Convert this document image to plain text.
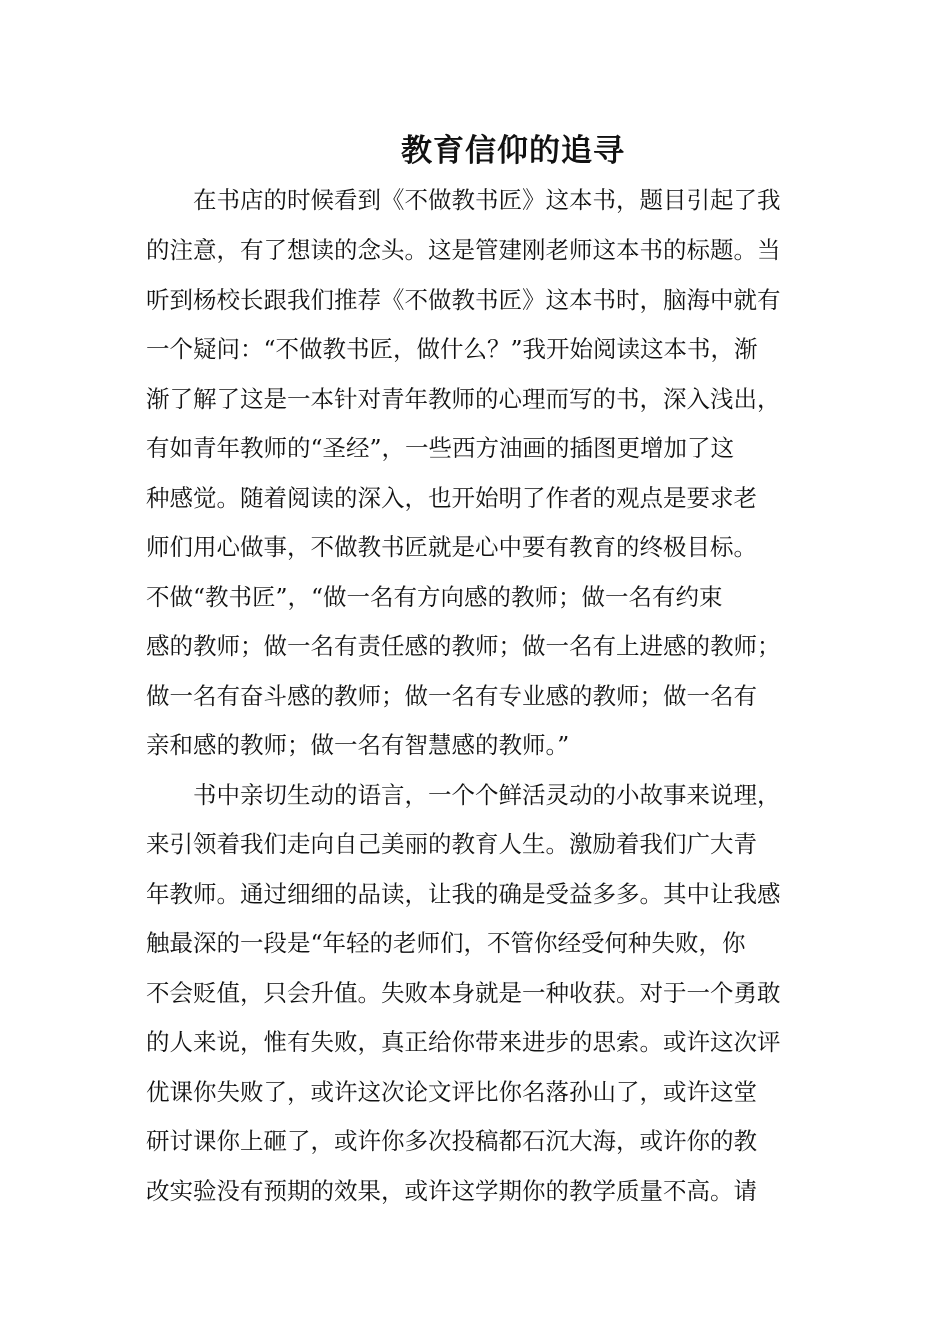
教育信仰的追寻

在书店的时候看到《不做教书匠》这本书，题目引起了我

的注意，有了想读的念头。这是管建刚老师这本书的标题。当

听到杨校长跟我们推荐《不做教书匠》这本书时，脑海中就有

一个疑问：“不做教书匠，做什么？”我开始阅读这本书，渐

渐了解了这是一本针对青年教师的心理而写的书，深入浅出，

有如青年教师的“圣经”，一些西方油画的插图更增加了这

种感觉。随着阅读的深入，也开始明了作者的观点是要求老

师们用心做事，不做教书匠就是心中要有教育的终极目标。

不做“教书匠”，“做一名有方向感的教师；做一名有约束

感的教师；做一名有责任感的教师；做一名有上进感的教师；

做一名有奋斗感的教师；做一名有专业感的教师；做一名有

亲和感的教师；做一名有智慧感的教师。”

书中亲切生动的语言，一个个鲜活灵动的小故事来说理，

来引领着我们走向自己美丽的教育人生。激励着我们广大青

年教师。通过细细的品读，让我的确是受益多多。其中让我感

触最深的一段是“年轻的老师们，不管你经受何种失败，你

不会贬值，只会升值。失败本身就是一种收获。对于一个勇敢

的人来说，惟有失败，真正给你带来进步的思索。或许这次评

优课你失败了，或许这次论文评比你名落孙山了，或许这堂

研讨课你上砸了，或许你多次投稿都石沉大海，或许你的教

改实验没有预期的效果，或许这学期你的教学质量不高。请
